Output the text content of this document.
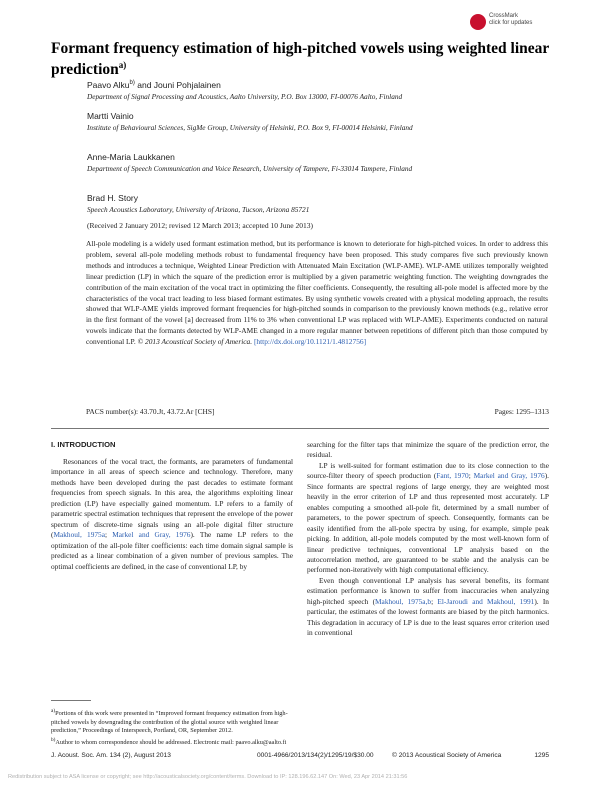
CrossMark
click for updates
Formant frequency estimation of high-pitched vowels using weighted linear prediction$^{a)}$
Paavo Alku$^{b)}$ and Jouni Pohjalainen
Department of Signal Processing and Acoustics, Aalto University, P.O. Box 13000, FI-00076 Aalto, Finland
Martti Vainio
Institute of Behavioural Sciences, SigMe Group, University of Helsinki, P.O. Box 9, FI-00014 Helsinki, Finland
Anne-Maria Laukkanen
Department of Speech Communication and Voice Research, University of Tampere, Fi-33014 Tampere, Finland
Brad H. Story
Speech Acoustics Laboratory, University of Arizona, Tucson, Arizona 85721
(Received 2 January 2012; revised 12 March 2013; accepted 10 June 2013)
All-pole modeling is a widely used formant estimation method, but its performance is known to deteriorate for high-pitched voices. In order to address this problem, several all-pole modeling methods robust to fundamental frequency have been proposed. This study compares five such previously known methods and introduces a technique, Weighted Linear Prediction with Attenuated Main Excitation (WLP-AME). WLP-AME utilizes temporally weighted linear prediction (LP) in which the square of the prediction error is multiplied by a given parametric weighting function. The weighting downgrades the contribution of the main excitation of the vocal tract in optimizing the filter coefficients. Consequently, the resulting all-pole model is affected more by the characteristics of the vocal tract leading to less biased formant estimates. By using synthetic vowels created with a physical modeling approach, the results showed that WLP-AME yields improved formant frequencies for high-pitched sounds in comparison to the previously known methods (e.g., relative error in the first formant of the vowel [a] decreased from 11% to 3% when conventional LP was replaced with WLP-AME). Experiments conducted on natural vowels indicate that the formants detected by WLP-AME changed in a more regular manner between repetitions of different pitch than those computed by conventional LP. © 2013 Acoustical Society of America. [http://dx.doi.org/10.1121/1.4812756]
PACS number(s): 43.70.Jt, 43.72.Ar [CHS]	Pages: 1295–1313
I. INTRODUCTION

Resonances of the vocal tract, the formants, are parameters of fundamental importance in all areas of speech science and technology. Therefore, many methods have been developed during the past decades to estimate formant frequencies from speech signals. In this area, the algorithms exploiting linear prediction (LP) have especially gained momentum. LP refers to a family of parametric spectral estimation techniques that represent the envelope of the power spectrum of discrete-time signals using an all-pole digital filter structure (Makhoul, 1975a; Markel and Gray, 1976). The name LP refers to the optimization of the all-pole filter coefficients: each time domain signal sample is predicted as a linear combination of a given number of previous samples. The optimal coefficients are defined, in the case of conventional LP, by

$^{a)}$Portions of this work were presented in “Improved formant frequency estimation from high-pitched vowels by downgrading the contribution of the glottal source with weighted linear prediction,” Proceedings of Interspeech, Portland, OR, September 2012.
$^{b)}$Author to whom correspondence should be addressed. Electronic mail: paavo.alku@aalto.fi

searching for the filter taps that minimize the square of the prediction error, the residual.

LP is well-suited for formant estimation due to its close connection to the source-filter theory of speech production (Fant, 1970; Markel and Gray, 1976). Since formants are spectral regions of large energy, they are weighted most heavily in the error criterion of LP and thus represented most accurately. LP enables computing a smoothed all-pole fit, determined by a small number of parameters, to the power spectrum of speech. Consequently, formants can be easily identified from the all-pole spectra by using, for example, simple peak picking. In addition, all-pole models computed by the most well-known form of linear predictive techniques, conventional LP analysis based on the autocorrelation method, are guaranteed to be stable and the analysis can be performed non-iteratively with high computational efficiency.

Even though conventional LP analysis has several benefits, its formant estimation performance is known to suffer from inaccuracies when analyzing high-pitched speech (Makhoul, 1975a,b; El-Jaroudi and Makhoul, 1991). In particular, the estimates of the lowest formants are biased by the pitch harmonics. This degradation in accuracy of LP is due to the least squares error criterion used in conventional

J. Acoust. Soc. Am. 134 (2), August 2013	0001-4966/2013/134(2)/1295/19/$30.00	© 2013 Acoustical Society of America	1295
Redistribution subject to ASA license or copyright; see http://acousticalsociety.org/content/terms. Download to IP: 128.196.62.147 On: Wed, 23 Apr 2014 21:31:56
